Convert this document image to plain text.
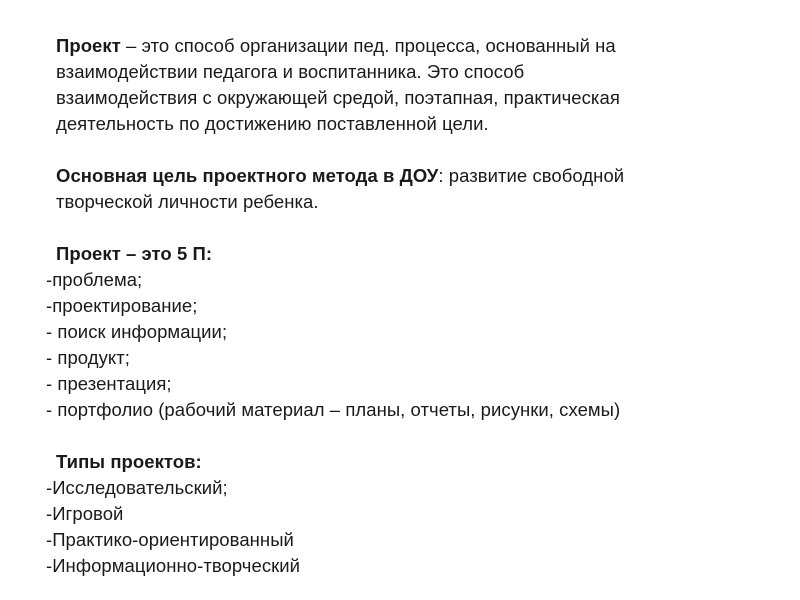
Проект – это способ организации пед. процесса, основанный на
взаимодействии педагога и воспитанника. Это способ
взаимодействия с окружающей средой, поэтапная, практическая
деятельность по достижению поставленной цели.
Основная цель проектного метода в ДОУ: развитие свободной
творческой личности ребенка.
Проект – это 5 П:
-проблема;
-проектирование;
- поиск информации;
- продукт;
- презентация;
- портфолио (рабочий материал – планы, отчеты, рисунки, схемы)
Типы проектов:
-Исследовательский;
-Игровой
-Практико-ориентированный
-Информационно-творческий
